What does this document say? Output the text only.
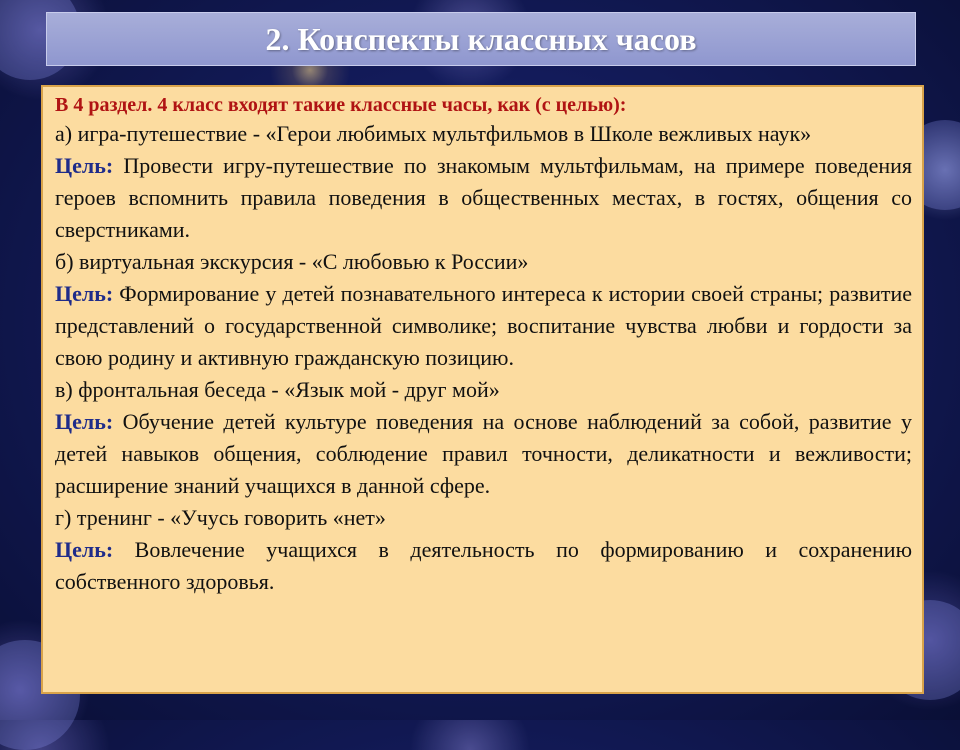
2. Конспекты классных часов

В 4 раздел. 4 класс входят такие классные часы, как (с целью):

а) игра-путешествие - «Герои любимых мультфильмов в Школе вежливых наук»

Цель: Провести игру-путешествие по знакомым мультфильмам, на примере поведения героев вспомнить правила поведения в общественных местах, в гостях, общения со сверстниками.

б) виртуальная экскурсия - «С любовью к России»

Цель: Формирование у детей познавательного интереса к истории своей страны; развитие представлений о государственной символике; воспитание чувства любви и гордости за свою родину и активную гражданскую позицию.

в) фронтальная беседа - «Язык мой - друг мой»

Цель: Обучение детей культуре поведения на основе наблюдений за собой, развитие у детей навыков общения, соблюдение правил точности, деликатности и вежливости; расширение знаний учащихся в данной сфере.

г) тренинг - «Учусь говорить «нет»

Цель: Вовлечение учащихся в деятельность по формированию и сохранению собственного здоровья.
